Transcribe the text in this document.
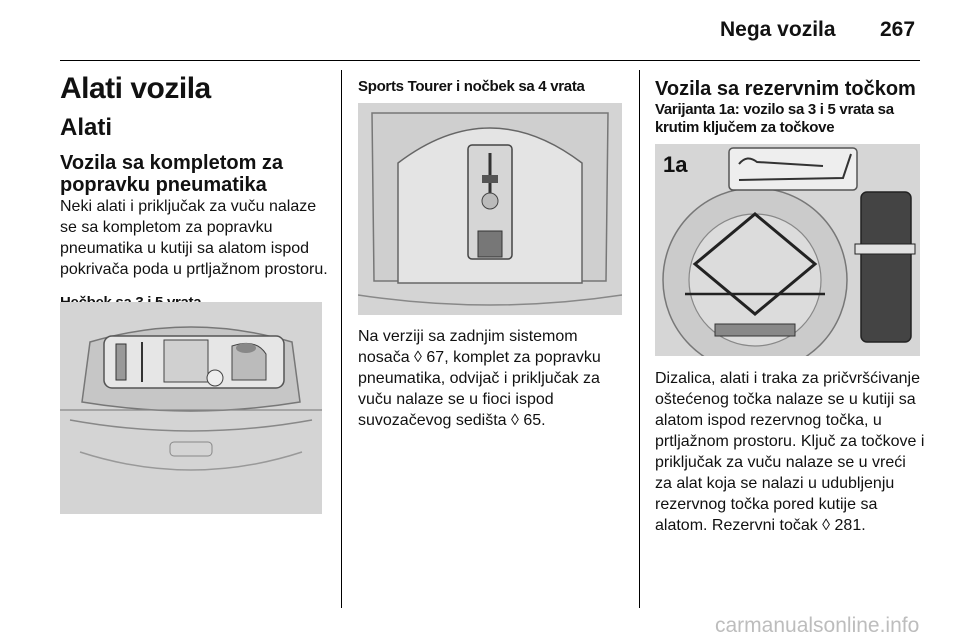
Nega vozila 267
Alati vozila
Alati
Vozila sa kompletom za popravku pneumatika
Neki alati i priključak za vuču nalaze se sa kompletom za popravku pneumatika u kutiji sa alatom ispod pokrivača poda u prtljažnom prostoru.
Sports Tourer i nočbek sa 4 vrata
Na verziji sa zadnjim sistemom nosača ◊ 67, komplet za popravku pneumatika, odvijač i priključak za vuču nalaze se u fioci ispod suvozačevog sedišta ◊ 65.
Vozila sa rezervnim točkom
Varijanta 1a: vozilo sa 3 i 5 vrata sa krutim ključem za točkove
1a
Dizalica, alati i traka za pričvršćivanje oštećenog točka nalaze se u kutiji sa alatom ispod rezervnog točka, u prtljažnom prostoru. Ključ za točkove i priključak za vuču nalaze se u vreći za alat koja se nalazi u udubljenju rezervnog točka pored kutije sa alatom. Rezervni točak ◊ 281.
carmanualsonline.info
